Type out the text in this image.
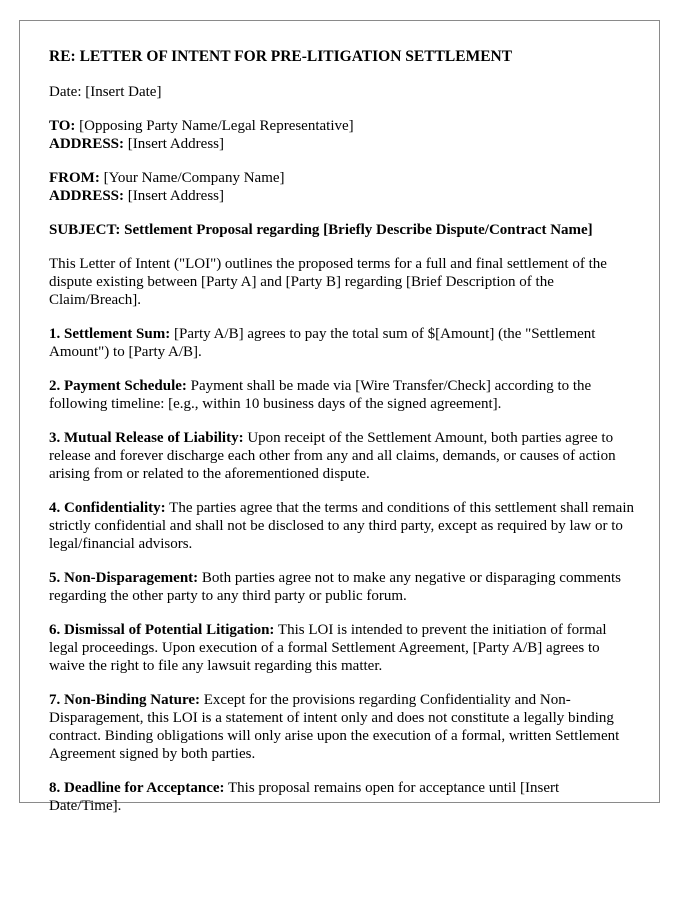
RE: LETTER OF INTENT FOR PRE-LITIGATION SETTLEMENT

Date: [Insert Date]

TO: [Opposing Party Name/Legal Representative]
ADDRESS: [Insert Address]

FROM: [Your Name/Company Name]
ADDRESS: [Insert Address]

SUBJECT: Settlement Proposal regarding [Briefly Describe Dispute/Contract Name]

This Letter of Intent ("LOI") outlines the proposed terms for a full and final settlement of the dispute existing between [Party A] and [Party B] regarding [Brief Description of the Claim/Breach].

1. Settlement Sum: [Party A/B] agrees to pay the total sum of $[Amount] (the "Settlement Amount") to [Party A/B].

2. Payment Schedule: Payment shall be made via [Wire Transfer/Check] according to the following timeline: [e.g., within 10 business days of the signed agreement].

3. Mutual Release of Liability: Upon receipt of the Settlement Amount, both parties agree to release and forever discharge each other from any and all claims, demands, or causes of action arising from or related to the aforementioned dispute.

4. Confidentiality: The parties agree that the terms and conditions of this settlement shall remain strictly confidential and shall not be disclosed to any third party, except as required by law or to legal/financial advisors.

5. Non-Disparagement: Both parties agree not to make any negative or disparaging comments regarding the other party to any third party or public forum.

6. Dismissal of Potential Litigation: This LOI is intended to prevent the initiation of formal legal proceedings. Upon execution of a formal Settlement Agreement, [Party A/B] agrees to waive the right to file any lawsuit regarding this matter.

7. Non-Binding Nature: Except for the provisions regarding Confidentiality and Non-Disparagement, this LOI is a statement of intent only and does not constitute a legally binding contract. Binding obligations will only arise upon the execution of a formal, written Settlement Agreement signed by both parties.

8. Deadline for Acceptance: This proposal remains open for acceptance until [Insert Date/Time].
